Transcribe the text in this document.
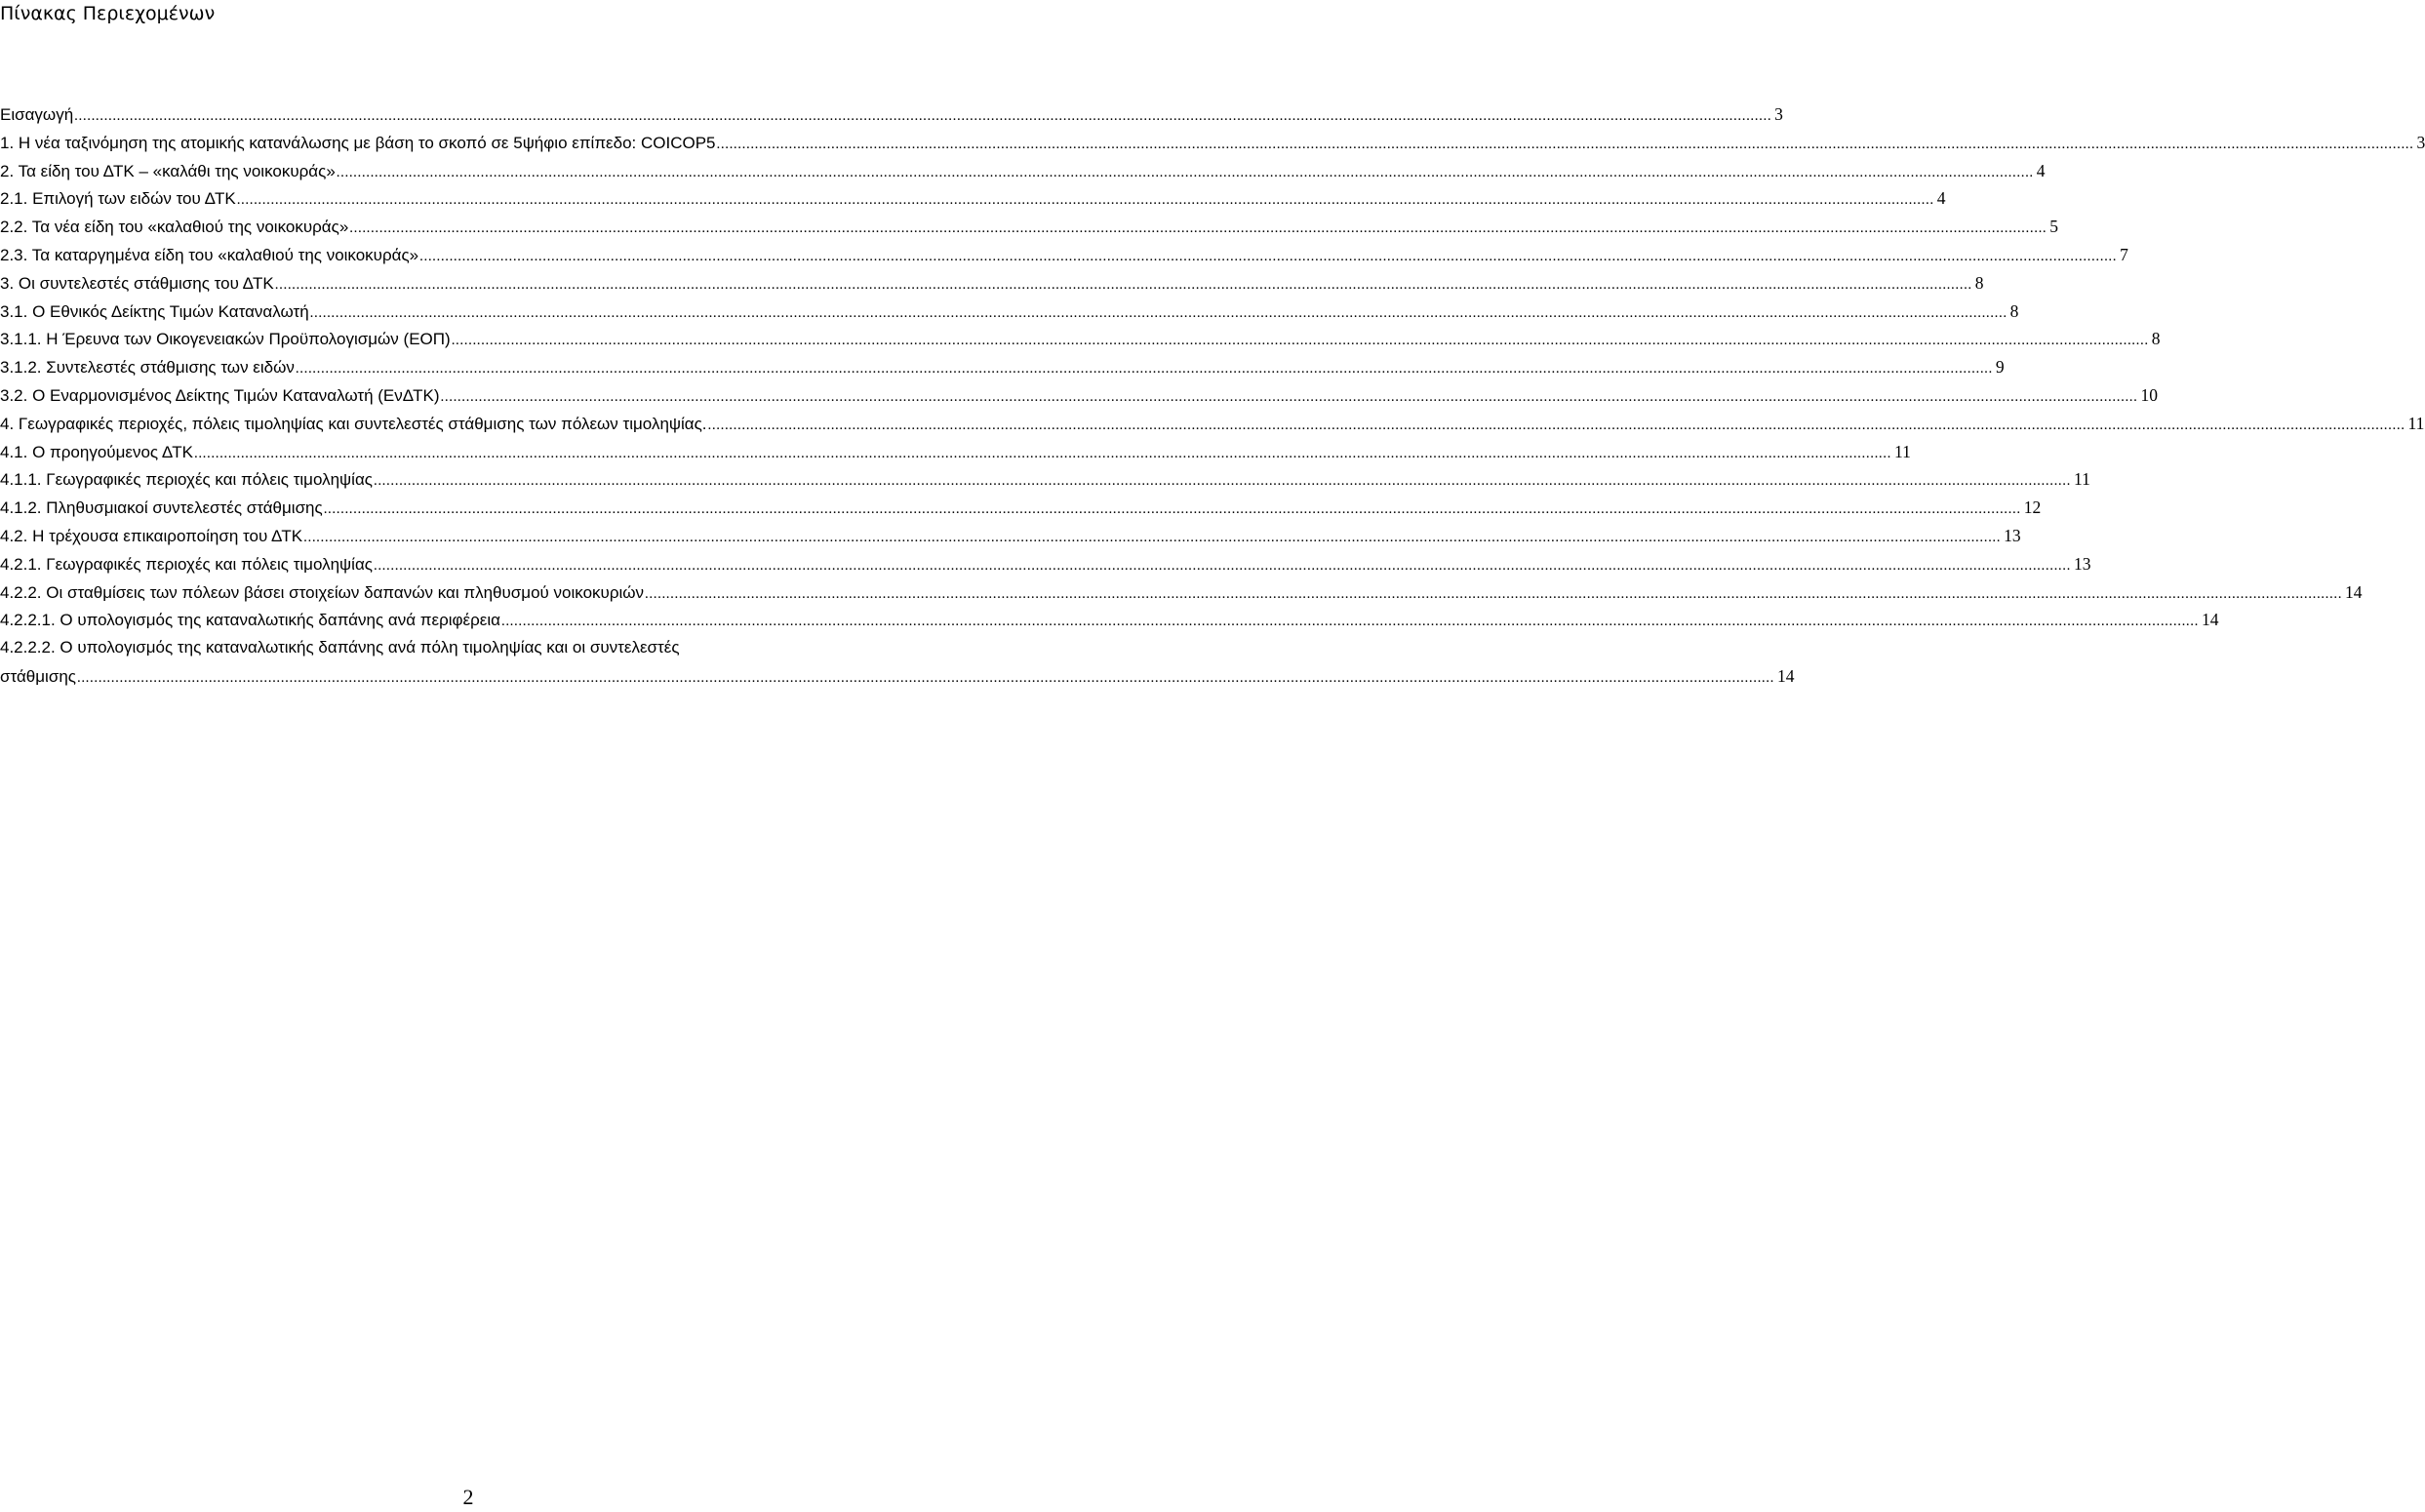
Πίνακας Περιεχομένων
Εισαγωγή ................................................................................................................................................................................................................................................................................................................................................................................................................ 3
1. Η νέα ταξινόμηση της ατομικής κατανάλωσης με βάση το σκοπό σε 5ψήφιο επίπεδο: COICOP5 ................................................................................................................................................................................................................................................................................................................................................................................................................ 3
2. Τα είδη του ΔΤΚ – «καλάθι της νοικοκυράς» ................................................................................................................................................................................................................................................................................................................................................................................................................ 4
2.1. Επιλογή των ειδών του ΔΤΚ ................................................................................................................................................................................................................................................................................................................................................................................................................ 4
2.2. Τα νέα είδη του «καλαθιού της νοικοκυράς» ................................................................................................................................................................................................................................................................................................................................................................................................................ 5
2.3. Τα καταργημένα είδη του «καλαθιού της νοικοκυράς» ................................................................................................................................................................................................................................................................................................................................................................................................................ 7
3. Οι συντελεστές στάθμισης του ΔΤΚ ................................................................................................................................................................................................................................................................................................................................................................................................................ 8
3.1. Ο Εθνικός Δείκτης Τιμών Καταναλωτή ................................................................................................................................................................................................................................................................................................................................................................................................................ 8
3.1.1. Η Έρευνα των Οικογενειακών Προϋπολογισμών (ΕΟΠ) ................................................................................................................................................................................................................................................................................................................................................................................................................ 8
3.1.2. Συντελεστές στάθμισης των ειδών ................................................................................................................................................................................................................................................................................................................................................................................................................ 9
3.2. Ο Εναρμονισμένος Δείκτης Τιμών Καταναλωτή (ΕνΔΤΚ) ................................................................................................................................................................................................................................................................................................................................................................................................................ 10
4. Γεωγραφικές περιοχές, πόλεις τιμοληψίας και συντελεστές στάθμισης των πόλεων τιμοληψίας. ................................................................................................................................................................................................................................................................................................................................................................................................................ 11
4.1. Ο προηγούμενος ΔΤΚ ................................................................................................................................................................................................................................................................................................................................................................................................................ 11
4.1.1. Γεωγραφικές περιοχές και πόλεις τιμοληψίας ................................................................................................................................................................................................................................................................................................................................................................................................................ 11
4.1.2. Πληθυσμιακοί συντελεστές στάθμισης ................................................................................................................................................................................................................................................................................................................................................................................................................ 12
4.2. Η τρέχουσα επικαιροποίηση του ΔΤΚ ................................................................................................................................................................................................................................................................................................................................................................................................................ 13
4.2.1. Γεωγραφικές περιοχές και πόλεις τιμοληψίας ................................................................................................................................................................................................................................................................................................................................................................................................................ 13
4.2.2. Οι σταθμίσεις των πόλεων βάσει στοιχείων δαπανών και πληθυσμού νοικοκυριών ................................................................................................................................................................................................................................................................................................................................................................................................................ 14
4.2.2.1. Ο υπολογισμός της καταναλωτικής δαπάνης ανά περιφέρεια ................................................................................................................................................................................................................................................................................................................................................................................................................ 14
4.2.2.2. Ο υπολογισμός της καταναλωτικής δαπάνης ανά πόλη τιμοληψίας και οι συντελεστές
στάθμισης ................................................................................................................................................................................................................................................................................................................................................................................................................ 14
2
